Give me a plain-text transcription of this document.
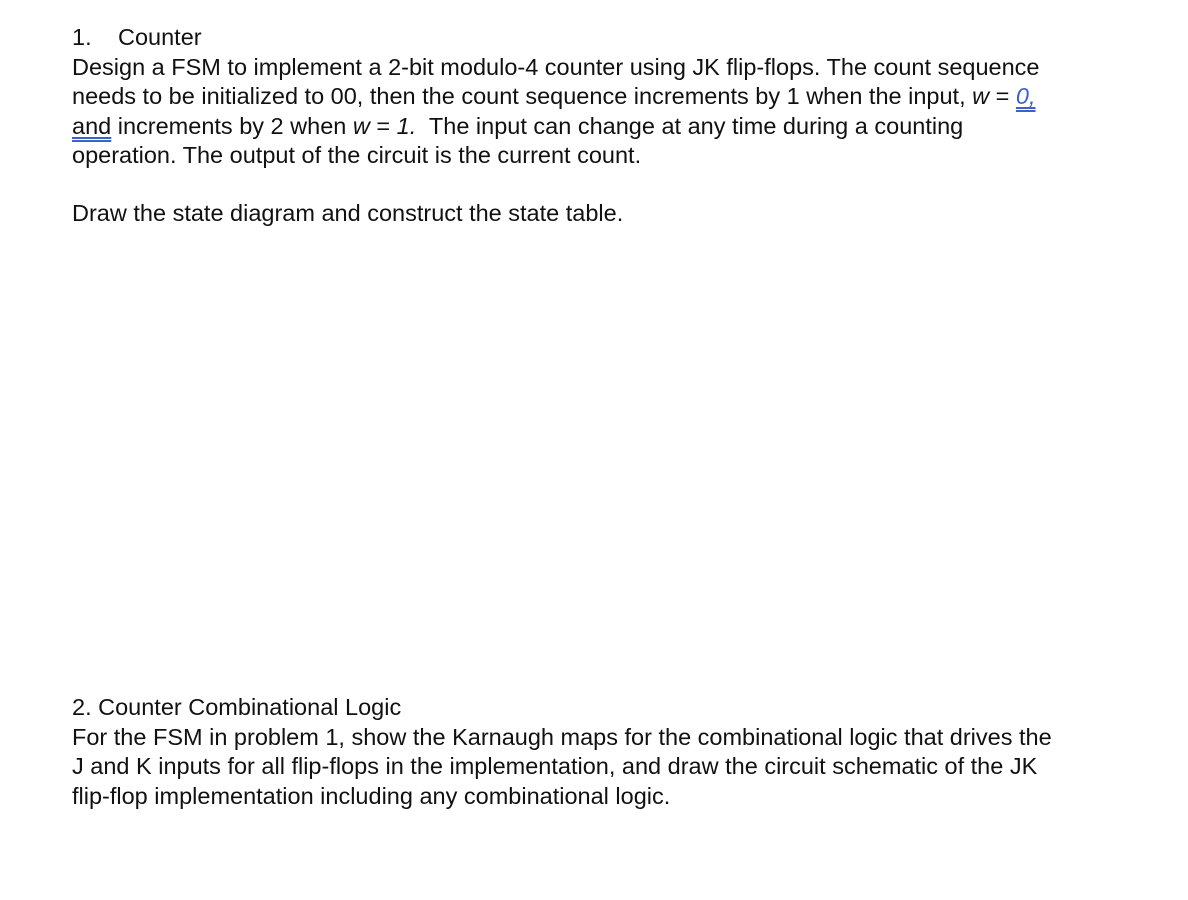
1. Counter
Design a FSM to implement a 2-bit modulo-4 counter using JK flip-flops. The count sequence
needs to be initialized to 00, then the count sequence increments by 1 when the input, w = 0,
and increments by 2 when w = 1.  The input can change at any time during a counting
operation. The output of the circuit is the current count.
Draw the state diagram and construct the state table.
2. Counter Combinational Logic
For the FSM in problem 1, show the Karnaugh maps for the combinational logic that drives the
J and K inputs for all flip-flops in the implementation, and draw the circuit schematic of the JK
flip-flop implementation including any combinational logic.
